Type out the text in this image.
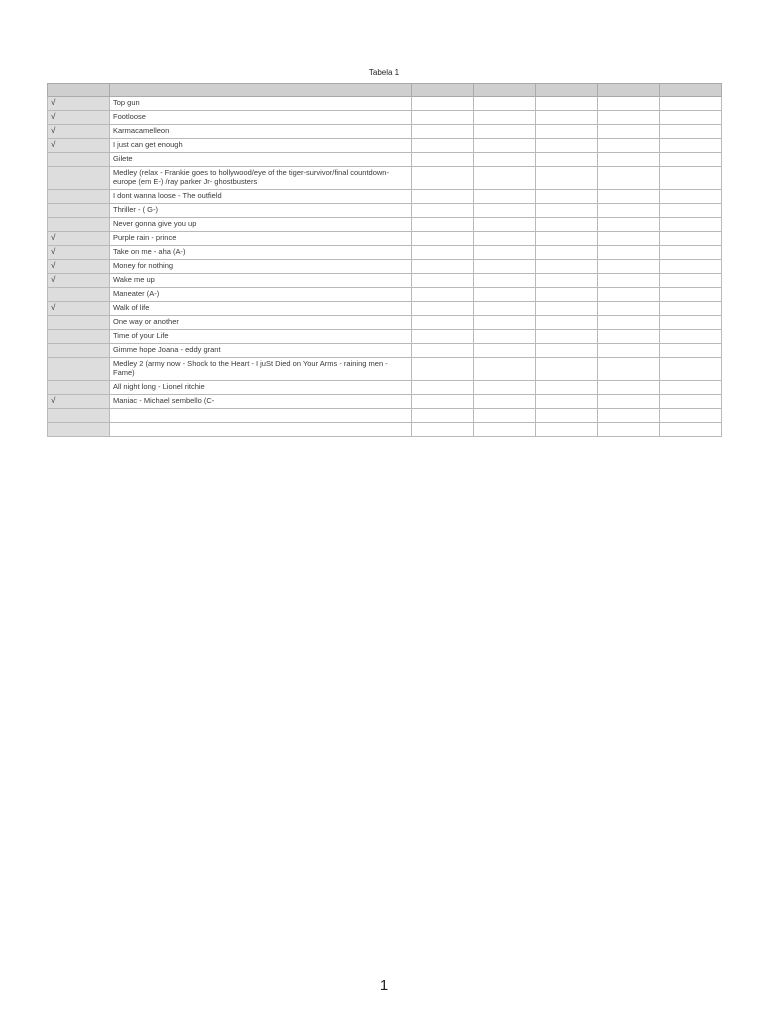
Tabela 1

√	Top gun					
√	Footloose					
√	Karmacamelleon					
√	I just can get enough					
	Gilete					
	Medley (relax - Frankie goes to hollywood/eye of the tiger-survivor/final countdown-europe (em E-) /ray parker Jr- ghostbusters					
	I dont wanna loose - The outfield					
	Thriller - ( G-)					
	Never gonna give you up					
√	Purple rain - prince					
√	Take on me - aha (A-)					
√	Money for nothing					
√	Wake me up					
	Maneater (A-)					
√	Walk of life					
	One way or another					
	Time of your Life					
	Gimme hope Joana - eddy grant					
	Medley 2 (army now - Shock to the Heart - I juSt Died on Your Arms - raining men - Fame)					
	All night long - Lionel ritchie					
√	Maniac - Michael sembello (C-					

1
